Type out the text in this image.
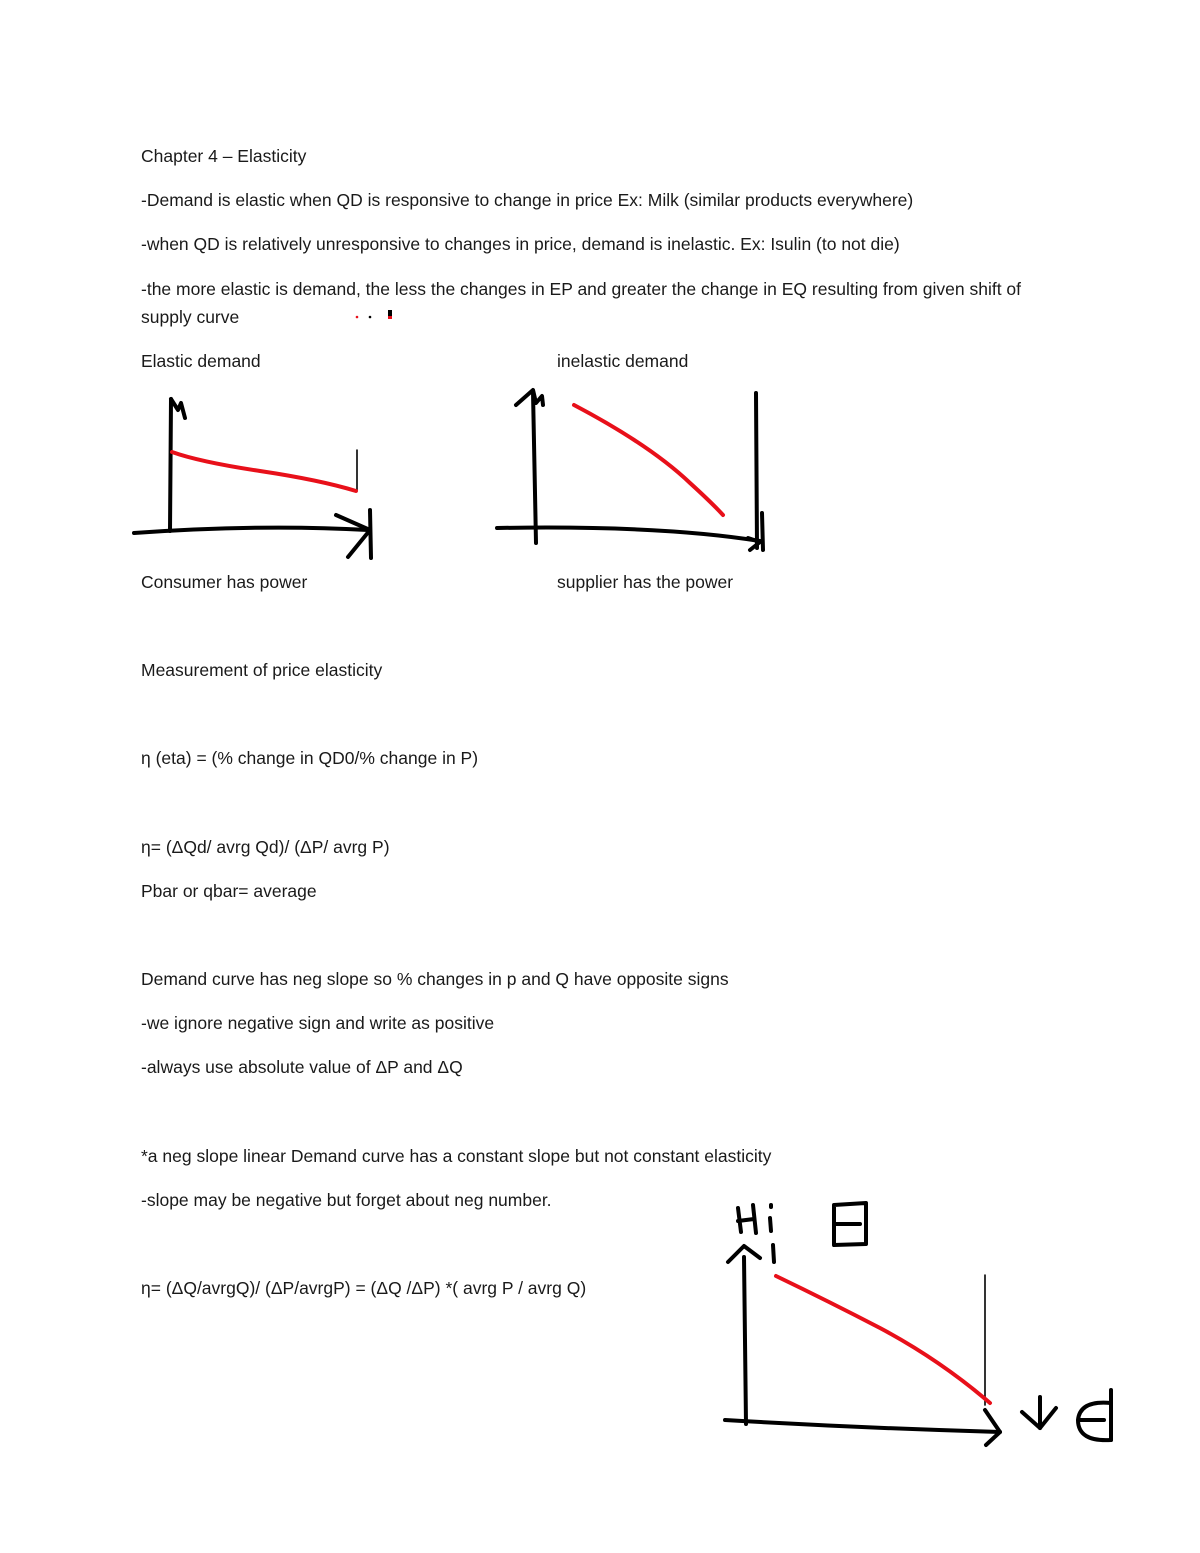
Chapter 4 – Elasticity
-Demand is elastic when QD is responsive to change in price Ex: Milk (similar products everywhere)
-when QD is relatively unresponsive to changes in price, demand is inelastic. Ex: Isulin (to not die)
-the more elastic is demand, the less the changes in EP and greater the change in EQ resulting from given shift of supply curve
Elastic demand	inelastic demand
Consumer has power	supplier has the power
Measurement of price elasticity
η (eta) = (% change in QD0/% change in P)
η= (ΔQd/ avrg Qd)/ (ΔP/ avrg P)
Pbar or qbar= average
Demand curve has neg slope so % changes in p and Q have opposite signs
-we ignore negative sign and write as positive
-always use absolute value of ΔP and ΔQ
*a neg slope linear Demand curve has a constant slope but not constant elasticity
-slope may be negative but forget about neg number.
η= (ΔQ/avrgQ)/ (ΔP/avrgP) = (ΔQ /ΔP) *( avrg P / avrg Q)
